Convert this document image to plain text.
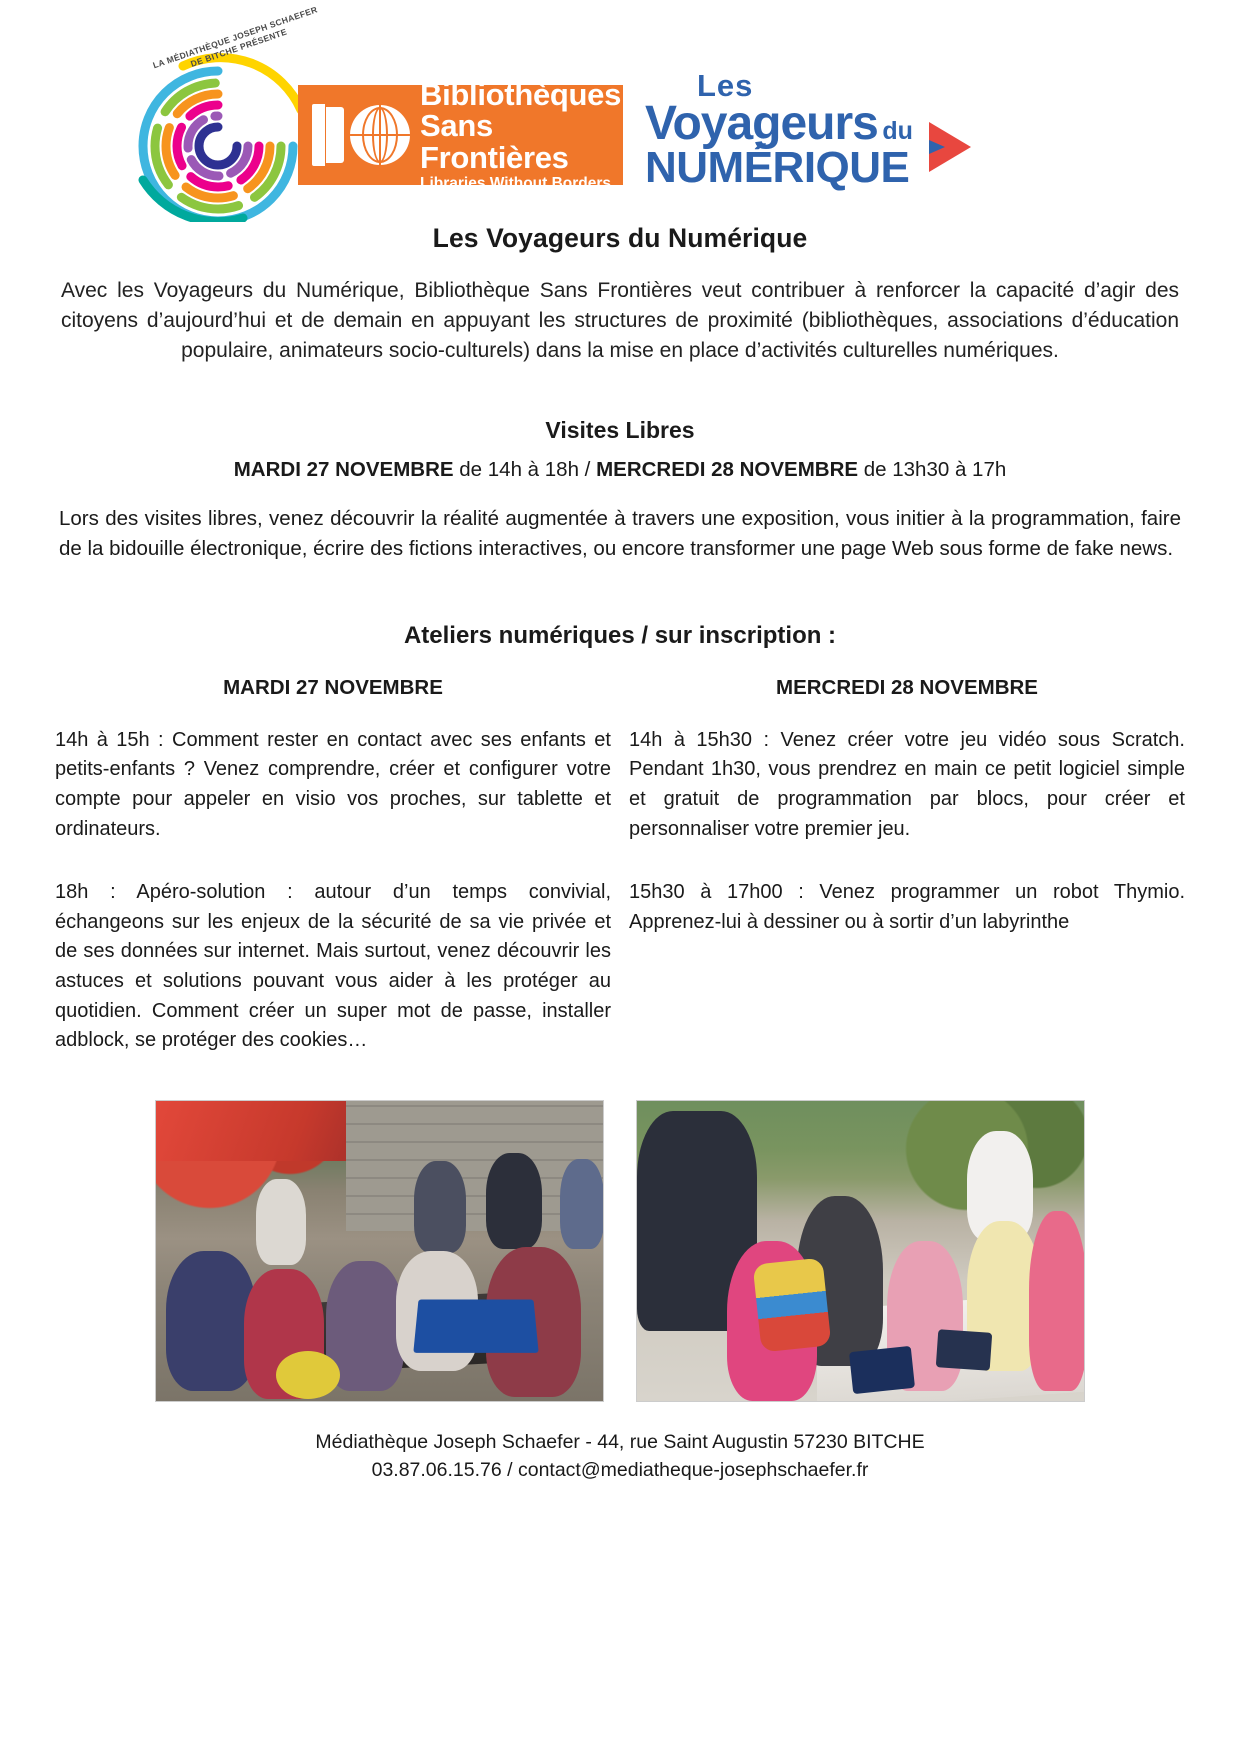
LA MÉDIATHÈQUE JOSEPH SCHAEFER DE BITCHE PRÉSENTE
Bibliothèques
Sans Frontières
Libraries Without Borders
Les
Voyageurs du
NUMÉRIQUE
Les Voyageurs du Numérique

Avec les Voyageurs du Numérique, Bibliothèque Sans Frontières veut contribuer à renforcer la capacité d’agir des citoyens d’aujourd’hui et de demain en appuyant les structures de proximité (bibliothèques, associations d’éducation populaire, animateurs socio-culturels) dans la mise en place d’activités culturelles numériques.

Visites Libres

MARDI 27 NOVEMBRE de 14h à 18h / MERCREDI 28 NOVEMBRE de 13h30 à 17h

Lors des visites libres, venez découvrir la réalité augmentée à travers une exposition, vous initier à la programmation, faire de la bidouille électronique, écrire des fictions interactives, ou encore transformer une page Web sous forme de fake news.

Ateliers numériques / sur inscription :
MARDI 27 NOVEMBRE

14h à 15h : Comment rester en contact avec ses enfants et petits-enfants ? Venez comprendre, créer et configurer votre compte pour appeler en visio vos proches, sur tablette et ordinateurs.

18h : Apéro-solution : autour d’un temps convivial, échangeons sur les enjeux de la sécurité de sa vie privée et de ses données sur internet. Mais surtout, venez découvrir les astuces et solutions pouvant vous aider à les protéger au quotidien. Comment créer un super mot de passe, installer adblock, se protéger des cookies…

MERCREDI 28 NOVEMBRE

14h à 15h30 : Venez créer votre jeu vidéo sous Scratch. Pendant 1h30, vous prendrez en main ce petit logiciel simple et gratuit de programmation par blocs, pour créer et personnaliser votre premier jeu.

15h30 à 17h00 : Venez programmer un robot Thymio. Apprenez-lui à dessiner ou à sortir d’un labyrinthe

Médiathèque Joseph Schaefer - 44, rue Saint Augustin 57230 BITCHE
03.87.06.15.76 / contact@mediatheque-josephschaefer.fr
